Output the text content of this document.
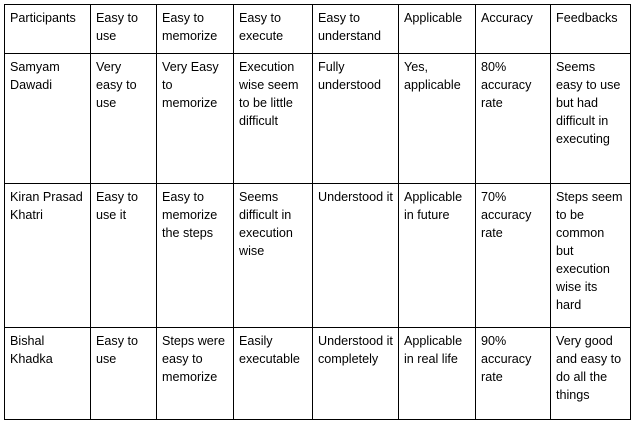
Participants	Easy to use	Easy to memorize	Easy to execute	Easy to understand	Applicable	Accuracy	Feedbacks
Samyam Dawadi	Very easy to use	Very Easy to memorize	Execution wise seem to be little difficult	Fully understood	Yes, applicable	80% accuracy rate	Seems easy to use but had difficult in executing
Kiran Prasad Khatri	Easy to use it	Easy to memorize the steps	Seems difficult in execution wise	Understood it	Applicable in future	70% accuracy rate	Steps seem to be common but execution wise its hard
Bishal Khadka	Easy to use	Steps were easy to memorize	Easily executable	Understood it completely	Applicable in real life	90% accuracy rate	Very good and easy to do all the things
